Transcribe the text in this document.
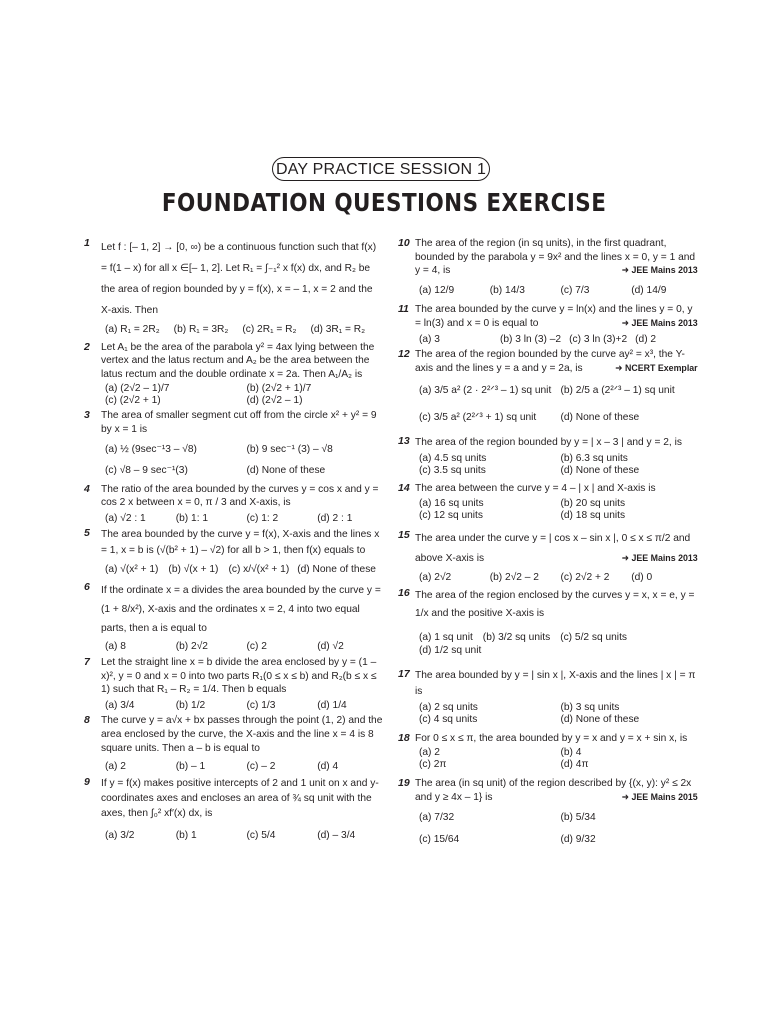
DAY PRACTICE SESSION 1
FOUNDATION QUESTIONS EXERCISE
1 Let f : [– 1, 2] → [0, ∞) be a continuous function such that f(x) = f(1 – x) for all x ∈[– 1, 2]. Let R₁ = ∫₋₁² x f(x) dx, and R₂ be the area of region bounded by y = f(x), x = – 1, x = 2 and the X-axis. Then
(a) R₁ = 2R₂	(b) R₁ = 3R₂	(c) 2R₁ = R₂	(d) 3R₁ = R₂
2 Let A₁ be the area of the parabola y² = 4ax lying between the vertex and the latus rectum and A₂ be the area between the latus rectum and the double ordinate x = 2a. Then A₁/A₂ is
(a) (2√2 – 1)/7	(b) (2√2 + 1)/7
(c) (2√2 + 1)	(d) (2√2 – 1)
3 The area of smaller segment cut off from the circle x² + y² = 9 by x = 1 is
(a) ½ (9sec⁻¹3 – √8)	(b) 9 sec⁻¹ (3) – √8
(c) √8 – 9 sec⁻¹(3)	(d) None of these
4 The ratio of the area bounded by the curves y = cos x and y = cos 2 x between x = 0, π / 3 and X-axis, is
(a) √2 : 1	(b) 1: 1	(c) 1: 2	(d) 2 : 1
5 The area bounded by the curve y = f(x), X-axis and the lines x = 1, x = b is (√(b² + 1) – √2) for all b > 1, then f(x) equals to
(a) √(x² + 1) (b) √(x + 1) (c) x/√(x² + 1) (d) None of these
6 If the ordinate x = a divides the area bounded by the curve y = (1 + 8/x²), X-axis and the ordinates x = 2, 4 into two equal parts, then a is equal to
(a) 8	(b) 2√2	(c) 2	(d) √2
7 Let the straight line x = b divide the area enclosed by y = (1 – x)², y = 0 and x = 0 into two parts R₁(0 ≤ x ≤ b) and R₂(b ≤ x ≤ 1) such that R₁ – R₂ = 1/4. Then b equals
(a) 3/4	(b) 1/2	(c) 1/3	(d) 1/4
8 The curve y = a√x + bx passes through the point (1, 2) and the area enclosed by the curve, the X-axis and the line x = 4 is 8 square units. Then a – b is equal to
(a) 2	(b) – 1	(c) – 2	(d) 4
9 If y = f(x) makes positive intercepts of 2 and 1 unit on x and y-coordinates axes and encloses an area of ¾ sq unit with the axes, then ∫₀² xf′(x) dx, is
(a) 3/2	(b) 1	(c) 5/4	(d) – 3/4
10 The area of the region (in sq units), in the first quadrant, bounded by the parabola y = 9x² and the lines x = 0, y = 1 and y = 4, is	➜ JEE Mains 2013
(a) 12/9	(b) 14/3	(c) 7/3	(d) 14/9
11 The area bounded by the curve y = ln(x) and the lines y = 0, y = ln(3) and x = 0 is equal to	➜ JEE Mains 2013
(a) 3	(b) 3 ln (3) –2 (c) 3 ln (3)+2 (d) 2
12 The area of the region bounded by the curve ay² = x³, the Y-axis and the lines y = a and y = 2a, is	➜ NCERT Exemplar
(a) 3/5 a² (2 · 2²ᐟ³ – 1) sq unit (b) 2/5 a (2²ᐟ³ – 1) sq unit
(c) 3/5 a² (2²ᐟ³ + 1) sq unit	(d) None of these
13 The area of the region bounded by y = | x – 3 | and y = 2, is
(a) 4.5 sq units	(b) 6.3 sq units
(c) 3.5 sq units	(d) None of these
14 The area between the curve y = 4 – | x | and X-axis is
(a) 16 sq units	(b) 20 sq units
(c) 12 sq units	(d) 18 sq units
15 The area under the curve y = | cos x – sin x |, 0 ≤ x ≤ π/2 and above X-axis is	➜ JEE Mains 2013
(a) 2√2	(b) 2√2 – 2	(c) 2√2 + 2	(d) 0
16 The area of the region enclosed by the curves y = x, x = e, y = 1/x and the positive X-axis is
(a) 1 sq unit (b) 3/2 sq units (c) 5/2 sq units
(d) 1/2 sq unit
17 The area bounded by y = | sin x |, X-axis and the lines | x | = π is
(a) 2 sq units	(b) 3 sq units
(c) 4 sq units	(d) None of these
18 For 0 ≤ x ≤ π, the area bounded by y = x and y = x + sin x, is
(a) 2	(b) 4
(c) 2π	(d) 4π
19 The area (in sq unit) of the region described by {(x, y): y² ≤ 2x and y ≥ 4x – 1} is	➜ JEE Mains 2015
(a) 7/32	(b) 5/34
(c) 15/64	(d) 9/32
